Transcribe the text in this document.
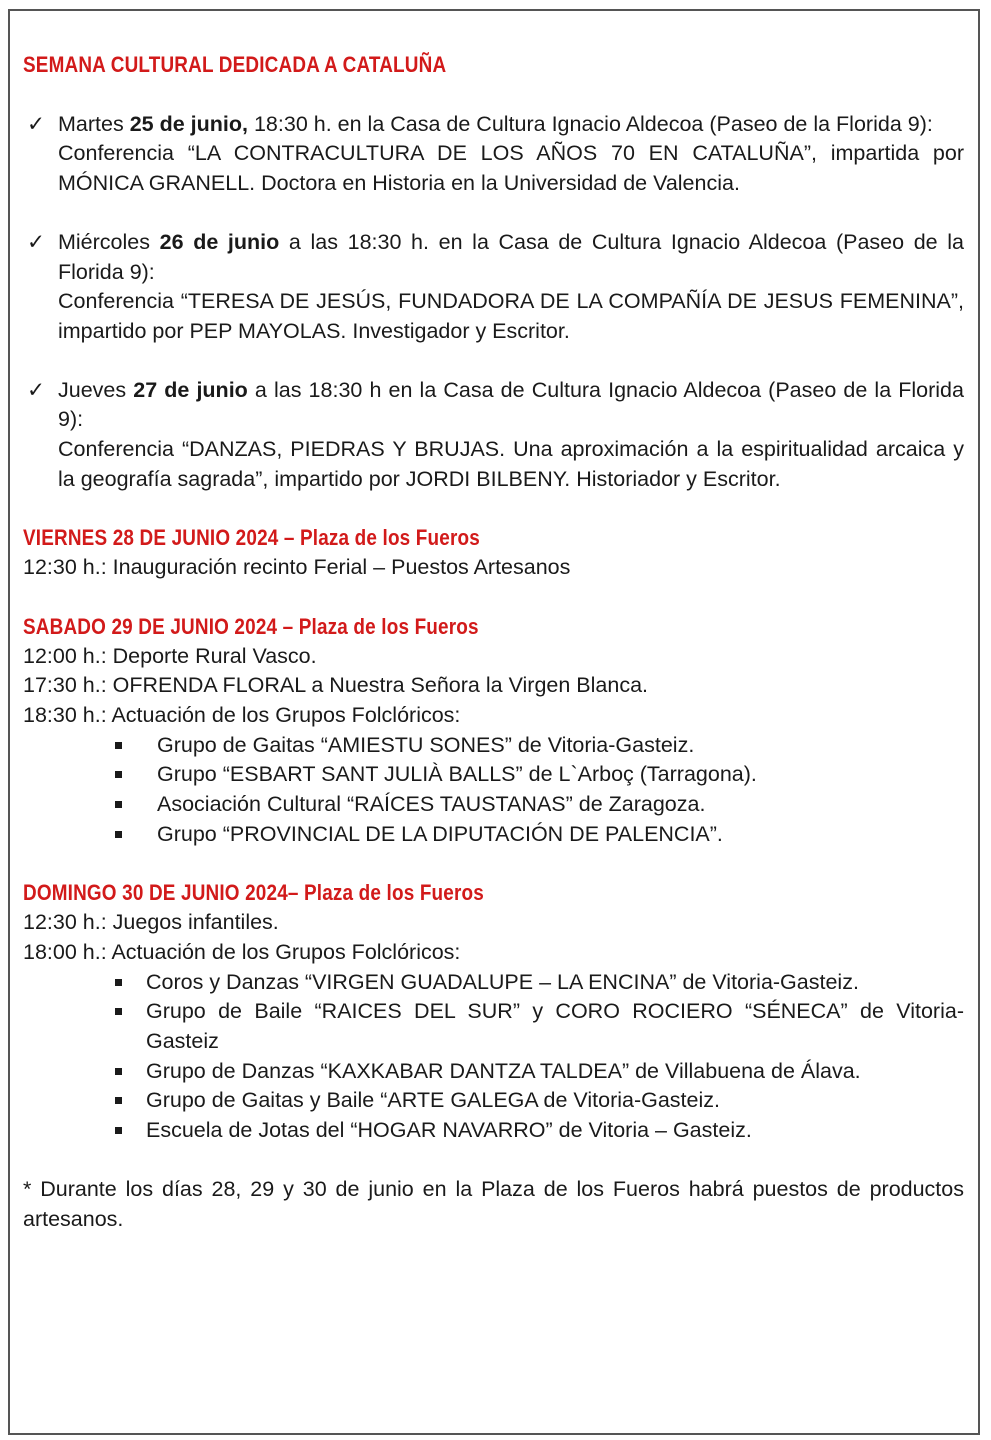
SEMANA CULTURAL DEDICADA A CATALUÑA
✓ Martes 25 de junio, 18:30 h. en la Casa de Cultura Ignacio Aldecoa (Paseo de la Florida 9):

Conferencia “LA CONTRACULTURA DE LOS AÑOS 70 EN CATALUÑA”, impartida por MÓNICA GRANELL. Doctora en Historia en la Universidad de Valencia.

✓ Miércoles 26 de junio a las 18:30 h. en la Casa de Cultura Ignacio Aldecoa (Paseo de la Florida 9):

Conferencia “TERESA DE JESÚS, FUNDADORA DE LA COMPAÑÍA DE JESUS FEMENINA”, impartido por PEP MAYOLAS. Investigador y Escritor.

✓ Jueves 27 de junio a las 18:30 h en la Casa de Cultura Ignacio Aldecoa (Paseo de la Florida 9):

Conferencia “DANZAS, PIEDRAS Y BRUJAS. Una aproximación a la espiritualidad arcaica y la geografía sagrada”, impartido por JORDI BILBENY. Historiador y Escritor.

VIERNES 28 DE JUNIO 2024 – Plaza de los Fueros
12:30 h.: Inauguración recinto Ferial – Puestos Artesanos
SABADO 29 DE JUNIO 2024 – Plaza de los Fueros
12:00 h.: Deporte Rural Vasco.
17:30 h.: OFRENDA FLORAL a Nuestra Señora la Virgen Blanca.
18:30 h.: Actuación de los Grupos Folclóricos:
Grupo de Gaitas “AMIESTU SONES” de Vitoria-Gasteiz.
Grupo “ESBART SANT JULIÀ BALLS” de L`Arboç (Tarragona).
Asociación Cultural “RAÍCES TAUSTANAS” de Zaragoza.
Grupo “PROVINCIAL DE LA DIPUTACIÓN DE PALENCIA”.
DOMINGO 30 DE JUNIO 2024– Plaza de los Fueros
12:30 h.: Juegos infantiles.
18:00 h.: Actuación de los Grupos Folclóricos:
Coros y Danzas “VIRGEN GUADALUPE – LA ENCINA” de Vitoria-Gasteiz.
Grupo de Baile “RAICES DEL SUR” y CORO ROCIERO “SÉNECA” de Vitoria-Gasteiz
Grupo de Danzas “KAXKABAR DANTZA TALDEA” de Villabuena de Álava.
Grupo de Gaitas y Baile “ARTE GALEGA de Vitoria-Gasteiz.
Escuela de Jotas del “HOGAR NAVARRO” de Vitoria – Gasteiz.
* Durante los días 28, 29 y 30 de junio en la Plaza de los Fueros habrá puestos de productos artesanos.
